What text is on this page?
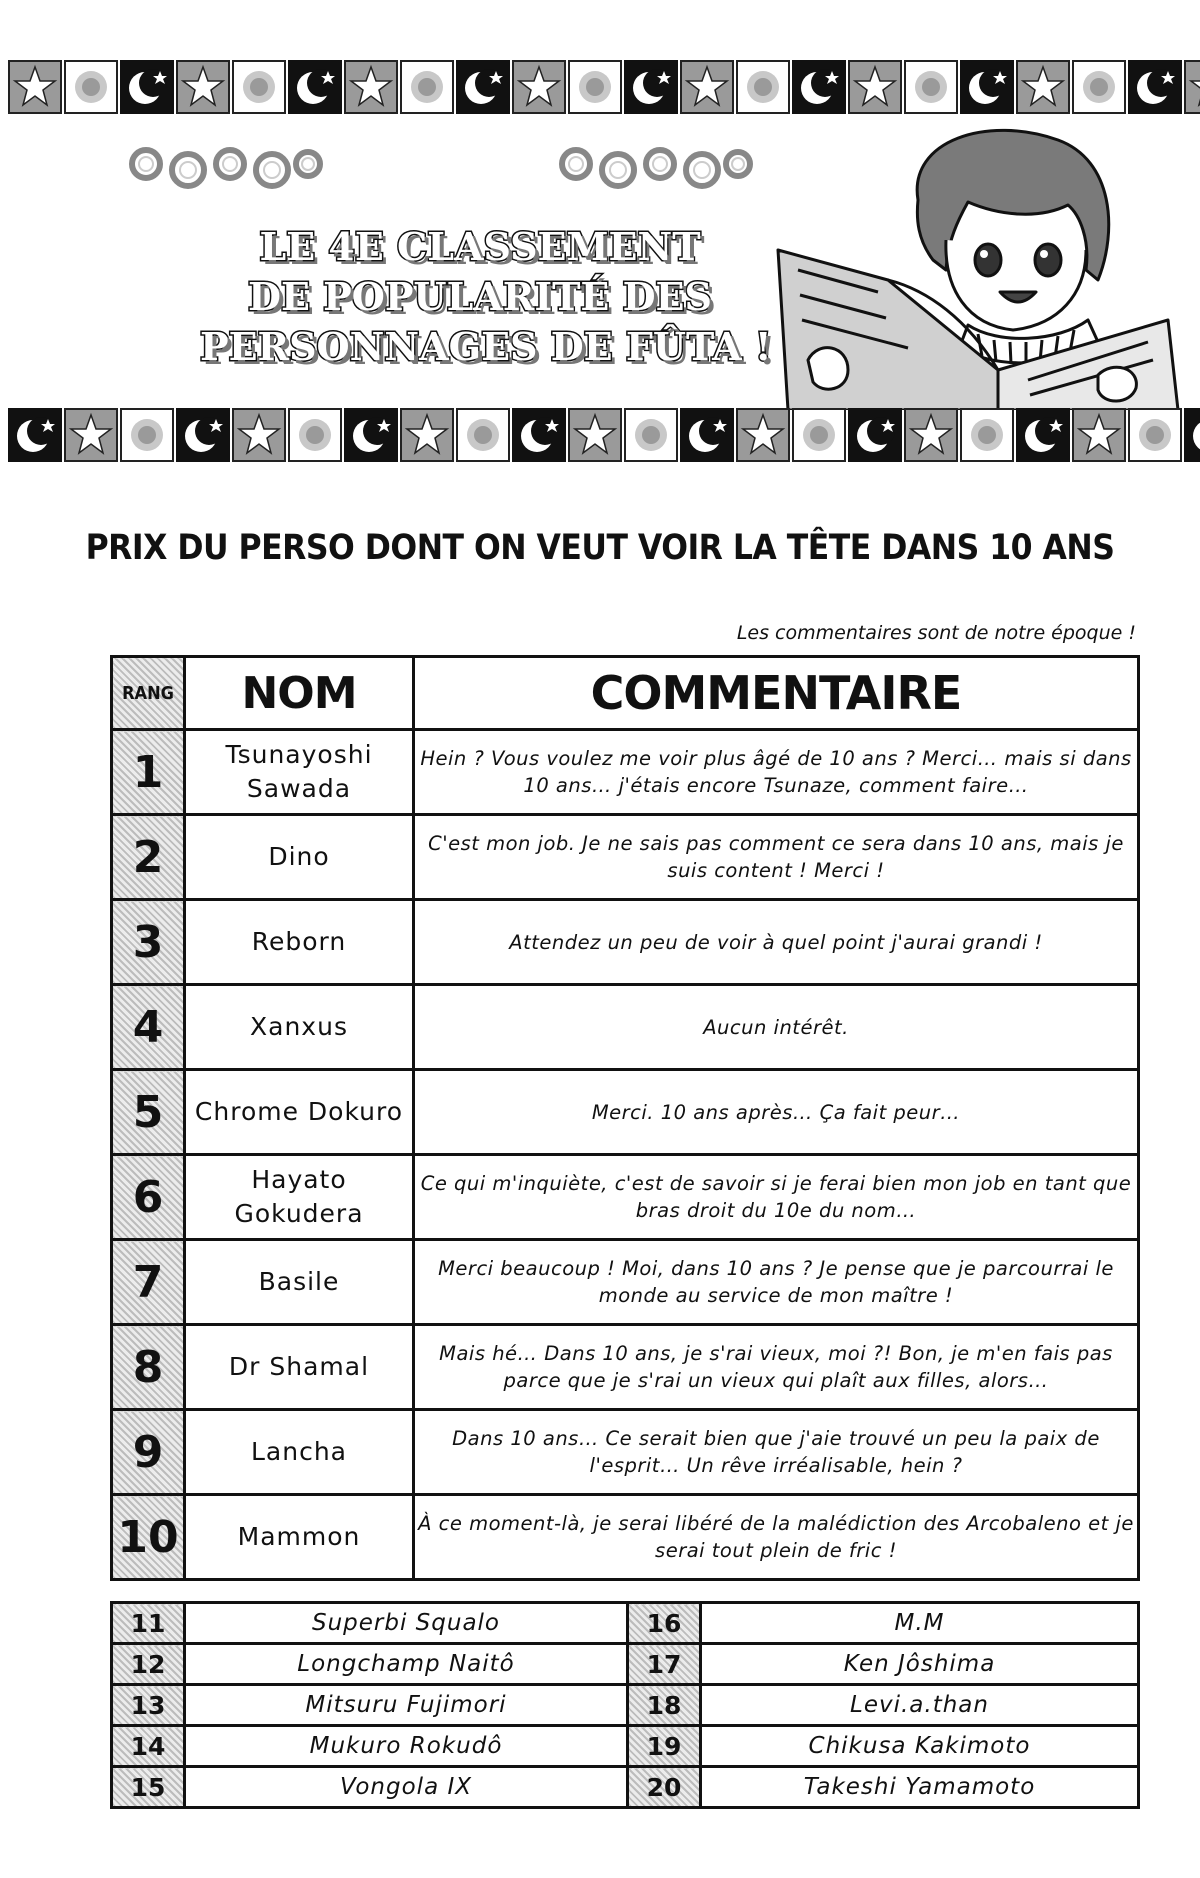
LE 4E CLASSEMENT
DE POPULARITÉ DES
PERSONNAGES DE FÛTA !
PRIX DU PERSO DONT ON VEUT VOIR LA TÊTE DANS 10 ANS
Les commentaires sont de notre époque !
RANG	NOM	COMMENTAIRE
1	Tsunayoshi Sawada	Hein ? Vous voulez me voir plus âgé de 10 ans ? Merci… mais si dans 10 ans… j'étais encore Tsunaze, comment faire…
2	Dino	C'est mon job. Je ne sais pas comment ce sera dans 10 ans, mais je suis content ! Merci !
3	Reborn	Attendez un peu de voir à quel point j'aurai grandi !
4	Xanxus	Aucun intérêt.
5	Chrome Dokuro	Merci. 10 ans après… Ça fait peur…
6	Hayato Gokudera	Ce qui m'inquiète, c'est de savoir si je ferai bien mon job en tant que bras droit du 10e du nom…
7	Basile	Merci beaucoup ! Moi, dans 10 ans ? Je pense que je parcourrai le monde au service de mon maître !
8	Dr Shamal	Mais hé… Dans 10 ans, je s'rai vieux, moi ?! Bon, je m'en fais pas parce que je s'rai un vieux qui plaît aux filles, alors…
9	Lancha	Dans 10 ans… Ce serait bien que j'aie trouvé un peu la paix de l'esprit… Un rêve irréalisable, hein ?
10	Mammon	À ce moment-là, je serai libéré de la malédiction des Arcobaleno et je serai tout plein de fric !
11	Superbi Squalo	16	M.M
12	Longchamp Naitô	17	Ken Jôshima
13	Mitsuru Fujimori	18	Levi.a.than
14	Mukuro Rokudô	19	Chikusa Kakimoto
15	Vongola IX	20	Takeshi Yamamoto
